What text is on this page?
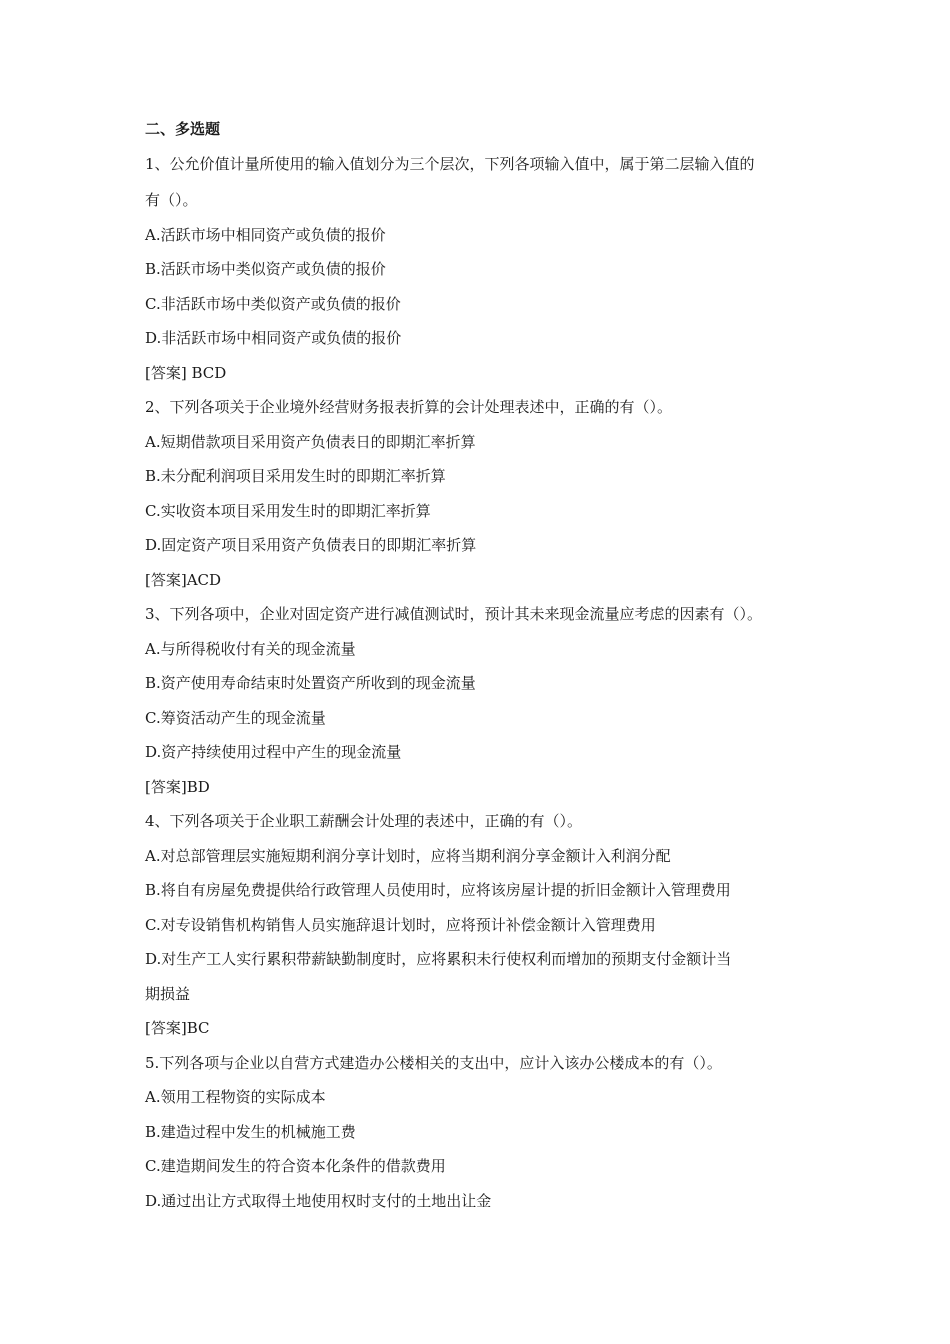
二、多选题
1、公允价值计量所使用的输入值划分为三个层次，下列各项输入值中，属于第二层输入值的
有（）。
A.活跃市场中相同资产或负债的报价
B.活跃市场中类似资产或负债的报价
C.非活跃市场中类似资产或负债的报价
D.非活跃市场中相同资产或负债的报价
[答案] BCD
2、下列各项关于企业境外经营财务报表折算的会计处理表述中，正确的有（）。
A.短期借款项目采用资产负债表日的即期汇率折算
B.未分配利润项目采用发生时的即期汇率折算
C.实收资本项目采用发生时的即期汇率折算
D.固定资产项目采用资产负债表日的即期汇率折算
[答案]ACD
3、下列各项中，企业对固定资产进行减值测试时，预计其未来现金流量应考虑的因素有（）。
A.与所得税收付有关的现金流量
B.资产使用寿命结束时处置资产所收到的现金流量
C.筹资活动产生的现金流量
D.资产持续使用过程中产生的现金流量
[答案]BD
4、下列各项关于企业职工薪酬会计处理的表述中，正确的有（）。
A.对总部管理层实施短期利润分享计划时，应将当期利润分享金额计入利润分配
B.将自有房屋免费提供给行政管理人员使用时，应将该房屋计提的折旧金额计入管理费用
C.对专设销售机构销售人员实施辞退计划时，应将预计补偿金额计入管理费用
D.对生产工人实行累积带薪缺勤制度时，应将累积未行使权利而增加的预期支付金额计当
期损益
[答案]BC
5.下列各项与企业以自营方式建造办公楼相关的支出中，应计入该办公楼成本的有（）。
A.领用工程物资的实际成本
B.建造过程中发生的机械施工费
C.建造期间发生的符合资本化条件的借款费用
D.通过出让方式取得土地使用权时支付的土地出让金
